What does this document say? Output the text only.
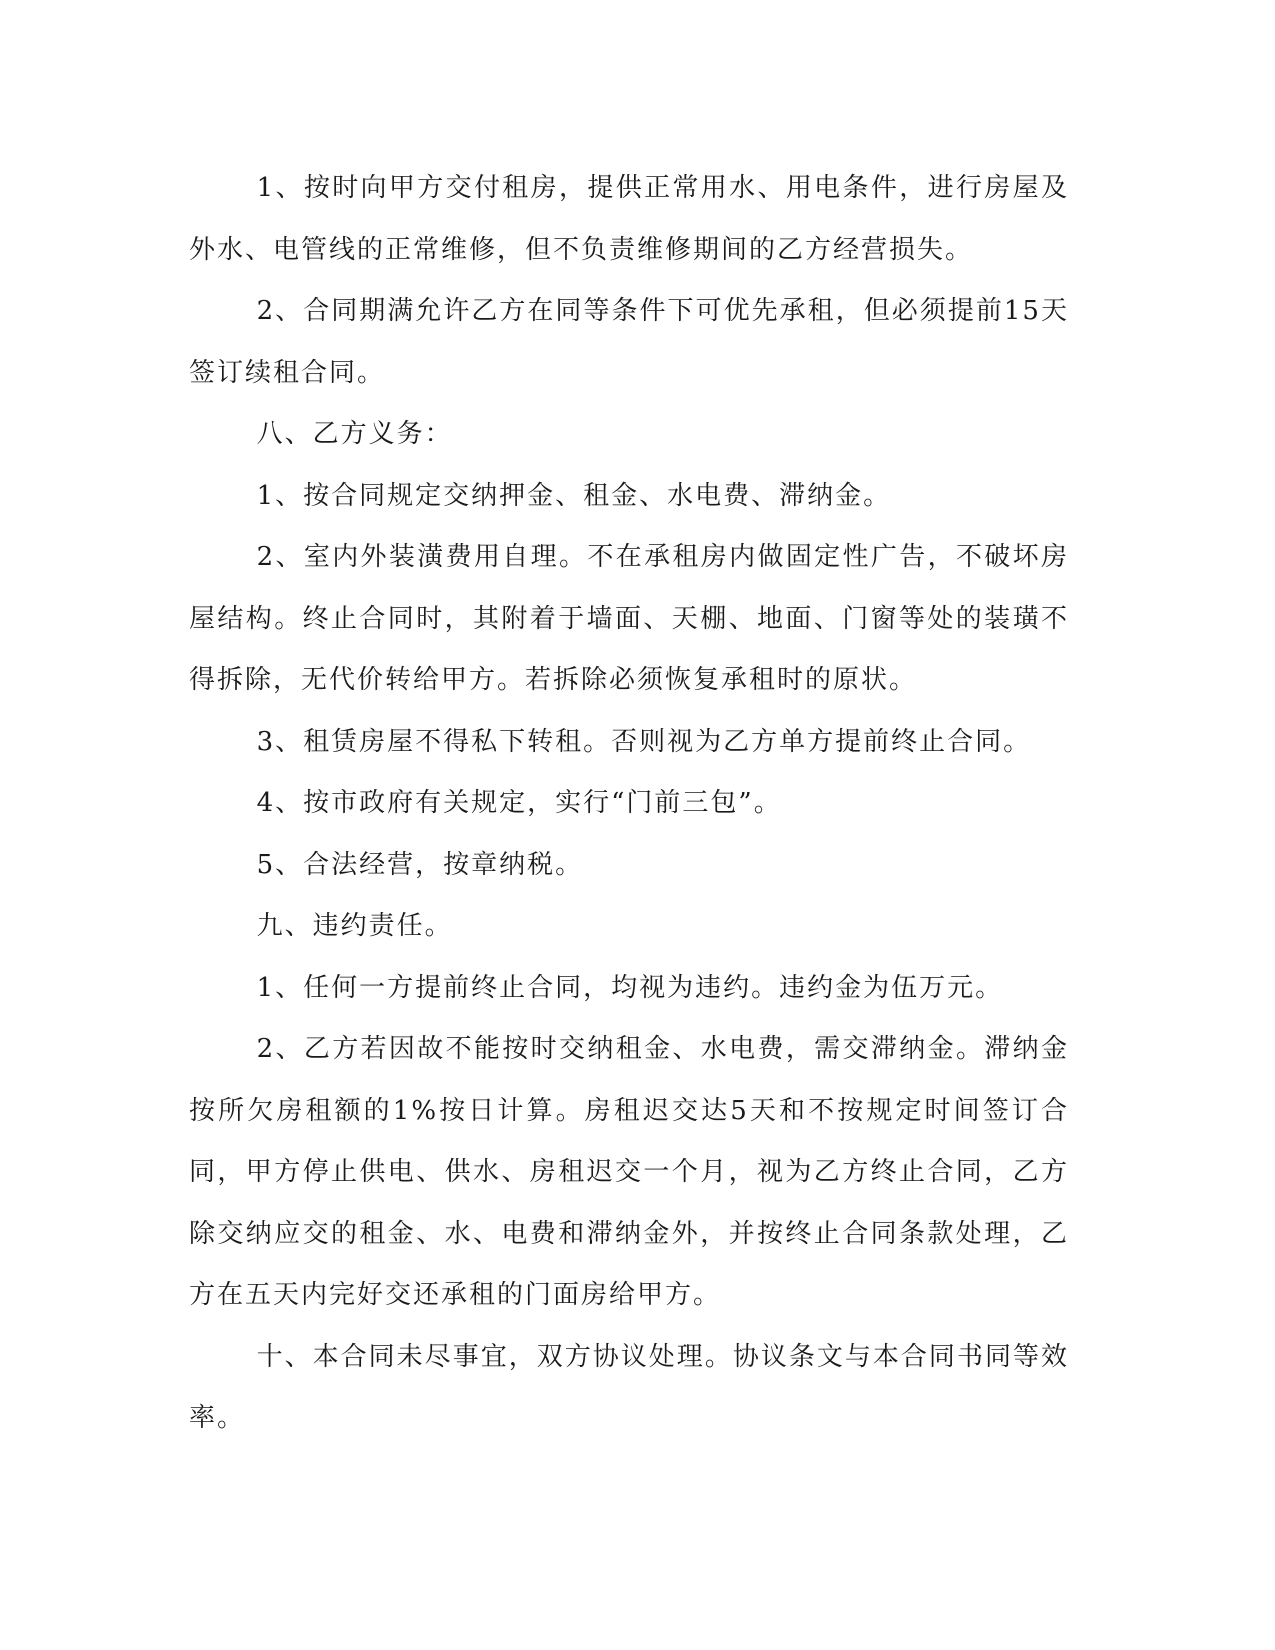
1、按时向甲方交付租房，提供正常用水、用电条件，进行房屋及外水、电管线的正常维修，但不负责维修期间的乙方经营损失。

2、合同期满允许乙方在同等条件下可优先承租，但必须提前15天签订续租合同。

八、乙方义务：

1、按合同规定交纳押金、租金、水电费、滞纳金。

2、室内外装潢费用自理。不在承租房内做固定性广告，不破坏房屋结构。终止合同时，其附着于墙面、天棚、地面、门窗等处的装璜不得拆除，无代价转给甲方。若拆除必须恢复承租时的原状。

3、租赁房屋不得私下转租。否则视为乙方单方提前终止合同。

4、按市政府有关规定，实行“门前三包”。

5、合法经营，按章纳税。

九、违约责任。

1、任何一方提前终止合同，均视为违约。违约金为伍万元。

2、乙方若因故不能按时交纳租金、水电费，需交滞纳金。滞纳金按所欠房租额的1%按日计算。房租迟交达5天和不按规定时间签订合同，甲方停止供电、供水、房租迟交一个月，视为乙方终止合同，乙方除交纳应交的租金、水、电费和滞纳金外，并按终止合同条款处理，乙方在五天内完好交还承租的门面房给甲方。

十、本合同未尽事宜，双方协议处理。协议条文与本合同书同等效率。
